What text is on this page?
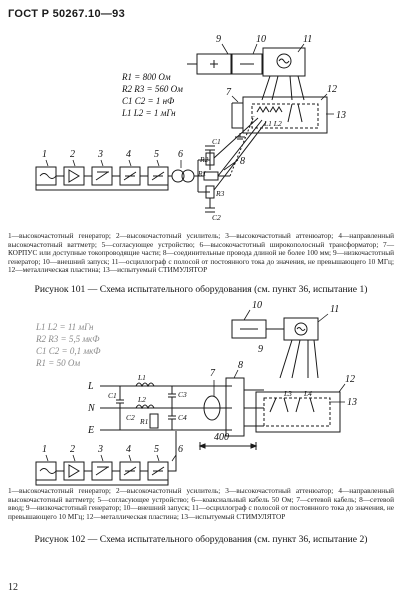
ГОСТ Р 50267.10—93
1 2 3 4 5 6
7
8
9	10	11
12
13
R1 = 800 Ом
R2 R3 = 560 Ом
C1 C2 = 1 нФ
L1 L2 = 1 мГн
C1
R2
R1
R3
C2
L1 L2
1 2 3 4 5 6
7
8
9
10	11
12
13
L
N
E
400
L1 L2 = 11 мГн
R2 R3 = 5,5 мкФ
C1 C2 = 0,1 мкФ
R1 = 50 Ом
L1
L2
C1
C2
C3
C4
R1
L3 L4
1—высокочастотный генератор; 2—высокочастотный усилитель; 3—высокочастотный аттенюатор; 4—направленный высокочастотный ваттметр; 5—согласующее устройство; 6—высокочастотный широкополосный трансформатор; 7—КОРПУС или доступные токопроводящие части; 8—соединительные провода длиной не более 100 мм; 9—низкочастотный генератор; 10—внешний запуск; 11—осциллограф с полосой от постоянного тока до значения, не превышающего 10 МГц; 12—металлическая пластина; 13—испытуемый СТИМУЛЯТОР
Рисунок 101 — Схема испытательного оборудования (см. пункт 36, испытание 1)
1—высокочастотный генератор; 2—высокочастотный усилитель; 3—высокочастотный аттенюатор; 4—направленный высокочастотный ваттметр; 5—согласующее устройство; 6—коаксиальный кабель 50 Ом; 7—сетевой кабель; 8—сетевой ввод; 9—низкочастотный генератор; 10—внешний запуск; 11—осциллограф с полосой от постоянного тока до значения, не превышающего 10 МГц; 12—металлическая пластина; 13—испытуемый СТИМУЛЯТОР
Рисунок 102 — Схема испытательного оборудования (см. пункт 36, испытание 2)
12
